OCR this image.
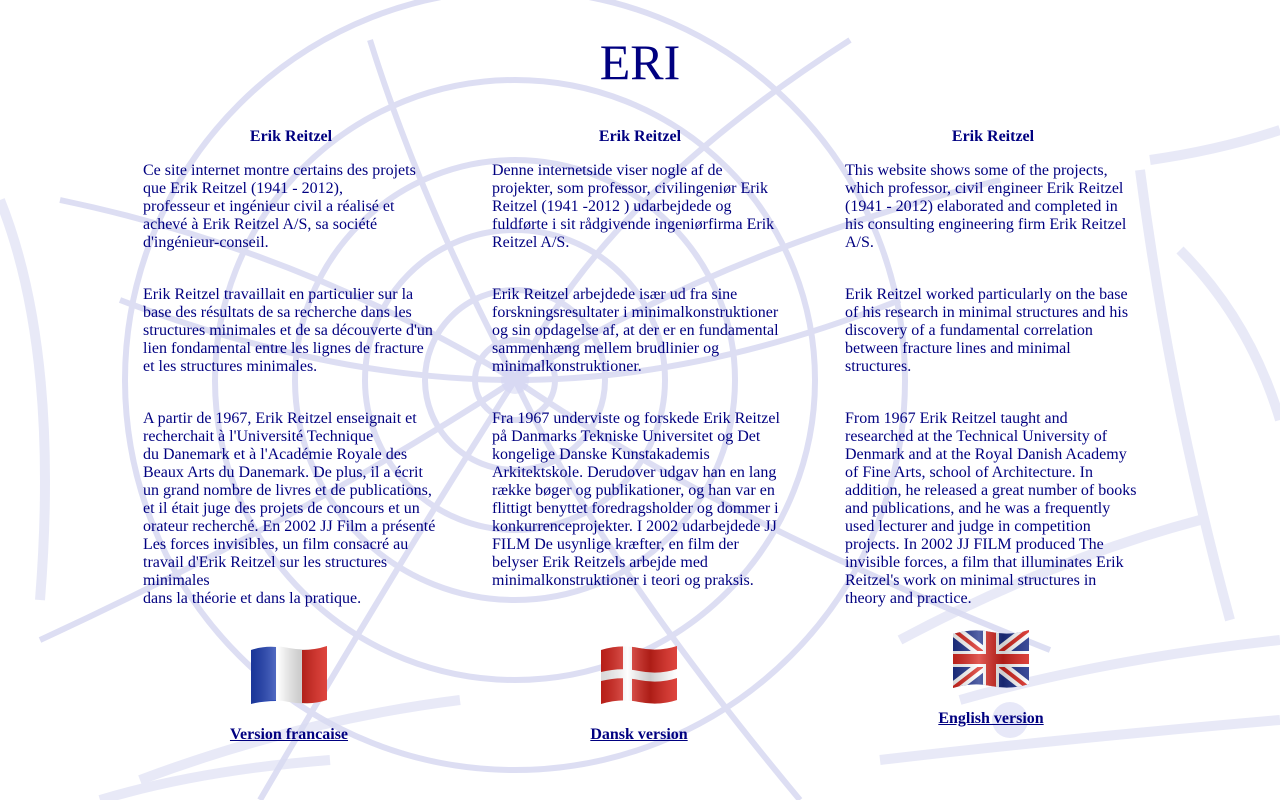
ERI
Erik Reitzel

Ce site internet montre certains des projets
que Erik Reitzel (1941 - 2012),
professeur et ingénieur civil a réalisé et
achevé à Erik Reitzel A/S, sa société
d'ingénieur-conseil.

Erik Reitzel travaillait en particulier sur la
base des résultats de sa recherche dans les
structures minimales et de sa découverte d'un
lien fondamental entre les lignes de fracture
et les structures minimales.

A partir de 1967, Erik Reitzel enseignait et
recherchait à l'Université Technique
du Danemark et à l'Académie Royale des
Beaux Arts du Danemark. De plus, il a écrit
un grand nombre de livres et de publications,
et il était juge des projets de concours et un
orateur recherché. En 2002 JJ Film a présenté
Les forces invisibles, un film consacré au
travail d'Erik Reitzel sur les structures
minimales
dans la théorie et dans la pratique.

Erik Reitzel

Denne internetside viser nogle af de
projekter, som professor, civilingeniør Erik
Reitzel (1941 -2012 ) udarbejdede og
fuldførte i sit rådgivende ingeniørfirma Erik
Reitzel A/S.

Erik Reitzel arbejdede især ud fra sine
forskningsresultater i minimalkonstruktioner
og sin opdagelse af, at der er en fundamental
sammenhæng mellem brudlinier og
minimalkonstruktioner.

Fra 1967 underviste og forskede Erik Reitzel
på Danmarks Tekniske Universitet og Det
kongelige Danske Kunstakademis
Arkitektskole. Derudover udgav han en lang
række bøger og publikationer, og han var en
flittigt benyttet foredragsholder og dommer i
konkurrenceprojekter. I 2002 udarbejdede JJ
FILM De usynlige kræfter, en film der
belyser Erik Reitzels arbejde med
minimalkonstruktioner i teori og praksis.

Erik Reitzel

This website shows some of the projects,
which professor, civil engineer Erik Reitzel
(1941 - 2012) elaborated and completed in
his consulting engineering firm Erik Reitzel
A/S.

Erik Reitzel worked particularly on the base
of his research in minimal structures and his
discovery of a fundamental correlation
between fracture lines and minimal
structures.

From 1967 Erik Reitzel taught and
researched at the Technical University of
Denmark and at the Royal Danish Academy
of Fine Arts, school of Architecture. In
addition, he released a great number of books
and publications, and he was a frequently
used lecturer and judge in competition
projects. In 2002 JJ FILM produced The
invisible forces, a film that illuminates Erik
Reitzel's work on minimal structures in
theory and practice.

Version francaise	Dansk version
English version
